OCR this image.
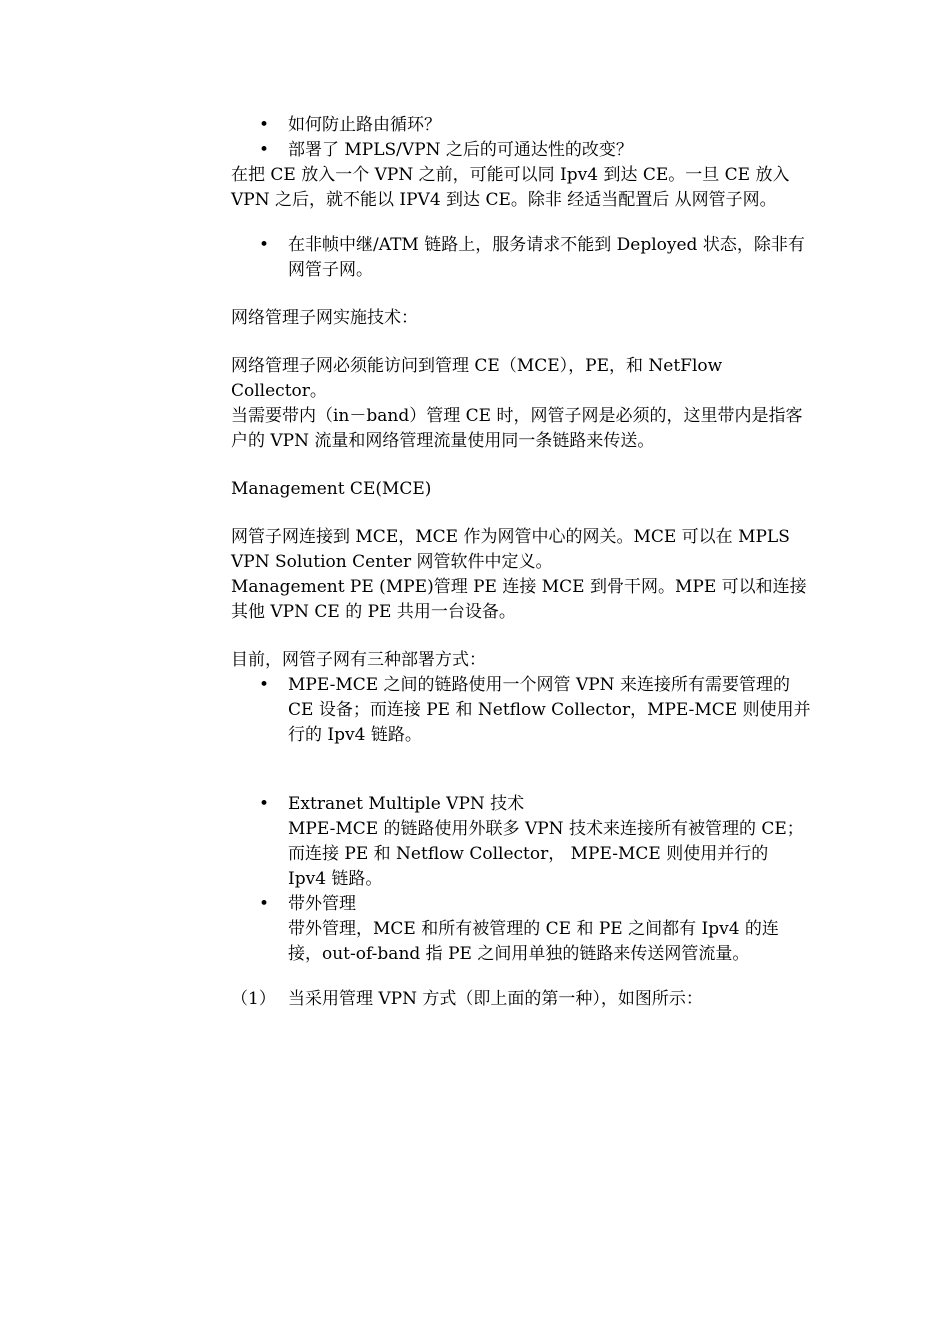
• 如何防止路由循环？
• 部署了 MPLS/VPN 之后的可通达性的改变？

在把 CE 放入一个 VPN 之前，可能可以同 Ipv4 到达 CE。一旦 CE 放入 VPN 之后，就不能以 IPV4 到达 CE。除非 经适当配置后 从网管子网。

• 在非帧中继/ATM 链路上，服务请求不能到 Deployed 状态，除非有网管子网。

网络管理子网实施技术：

网络管理子网必须能访问到管理 CE（MCE），PE，和 NetFlow Collector。

当需要带内（in－band）管理 CE 时，网管子网是必须的，这里带内是指客户的 VPN 流量和网络管理流量使用同一条链路来传送。

Management CE(MCE)

网管子网连接到 MCE，MCE 作为网管中心的网关。MCE 可以在 MPLS VPN Solution Center 网管软件中定义。

Management PE (MPE)管理 PE 连接 MCE 到骨干网。MPE 可以和连接其他 VPN CE 的 PE 共用一台设备。

目前，网管子网有三种部署方式：

• MPE-MCE 之间的链路使用一个网管 VPN 来连接所有需要管理的 CE 设备；而连接 PE 和 Netflow Collector，MPE-MCE 则使用并行的 Ipv4 链路。
• Extranet Multiple VPN 技术
MPE-MCE 的链路使用外联多 VPN 技术来连接所有被管理的 CE；而连接 PE 和 Netflow Collector， MPE-MCE 则使用并行的 Ipv4 链路。
• 带外管理
带外管理，MCE 和所有被管理的 CE 和 PE 之间都有 Ipv4 的连接，out-of-band 指 PE 之间用单独的链路来传送网管流量。
（1） 当采用管理 VPN 方式（即上面的第一种），如图所示：
